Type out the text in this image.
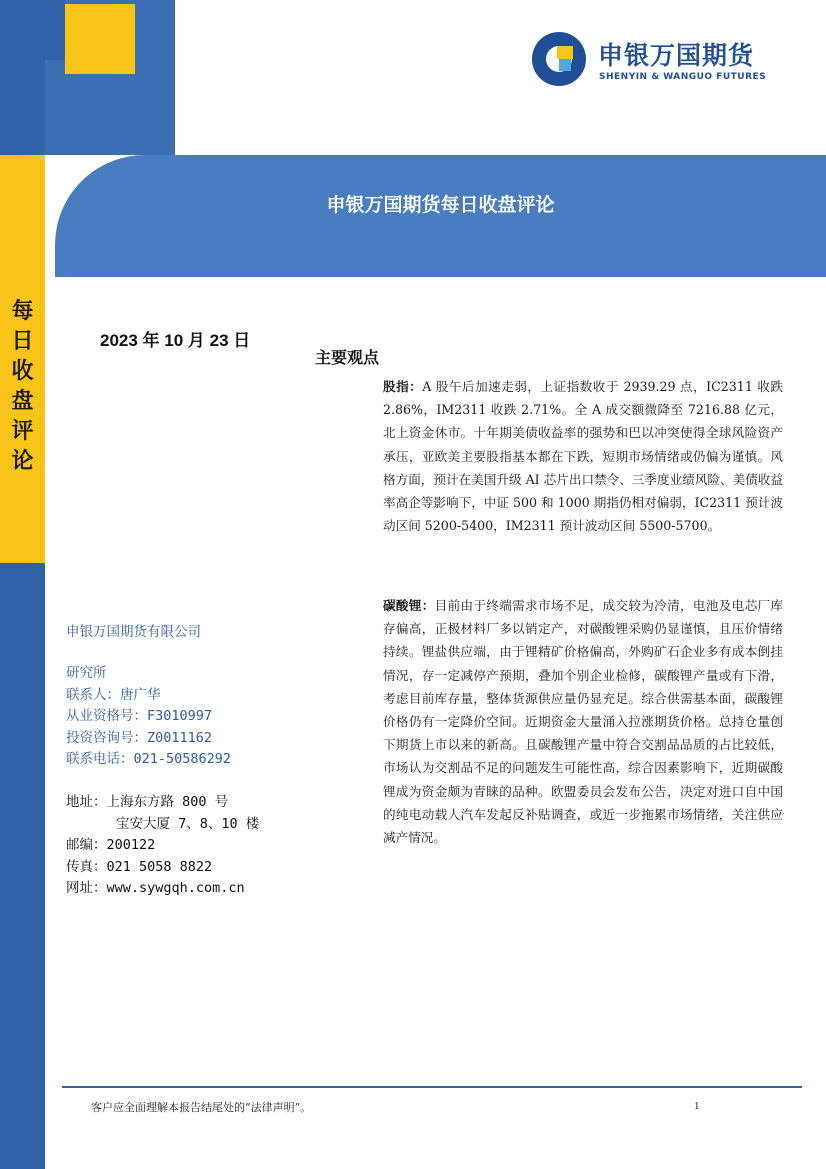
每
日
收
盘
评
论
申银万国期货
SHENYIN & WANGUO FUTURES
申银万国期货每日收盘评论
2023 年 10 月 23 日
主要观点
股指：A 股午后加速走弱，上证指数收于 2939.29 点，IC2311 收跌 2.86%，IM2311 收跌 2.71%。全 A 成交额微降至 7216.88 亿元，北上资金休市。十年期美债收益率的强势和巴以冲突使得全球风险资产承压，亚欧美主要股指基本都在下跌，短期市场情绪或仍偏为谨慎。风格方面，预计在美国升级 AI 芯片出口禁令、三季度业绩风险、美债收益率高企等影响下，中证 500 和 1000 期指仍相对偏弱，IC2311 预计波动区间 5200-5400，IM2311 预计波动区间 5500-5700。
碳酸锂：目前由于终端需求市场不足，成交较为冷清，电池及电芯厂库存偏高，正极材料厂多以销定产，对碳酸锂采购仍显谨慎，且压价情绪持续。锂盐供应端，由于锂精矿价格偏高，外购矿石企业多有成本倒挂情况，存一定减停产预期，叠加个别企业检修，碳酸锂产量或有下滑，考虑目前库存量，整体货源供应量仍显充足。综合供需基本面，碳酸锂价格仍有一定降价空间。近期资金大量涌入拉涨期货价格。总持仓量创下期货上市以来的新高。且碳酸锂产量中符合交割品品质的占比较低，市场认为交割品不足的问题发生可能性高，综合因素影响下，近期碳酸锂成为资金颇为青睐的品种。欧盟委员会发布公告，决定对进口自中国的纯电动载人汽车发起反补贴调查，或近一步拖累市场情绪，关注供应减产情况。
申银万国期货有限公司
研究所
联系人：唐广华
从业资格号：F3010997
投资咨询号：Z0011162
联系电话：021-50586292
地址：上海东方路 800 号
宝安大厦 7、8、10 楼
邮编：200122
传真：021 5058 8822
网址：www.sywgqh.com.cn
客户应全面理解本报告结尾处的“法律声明”。	1
